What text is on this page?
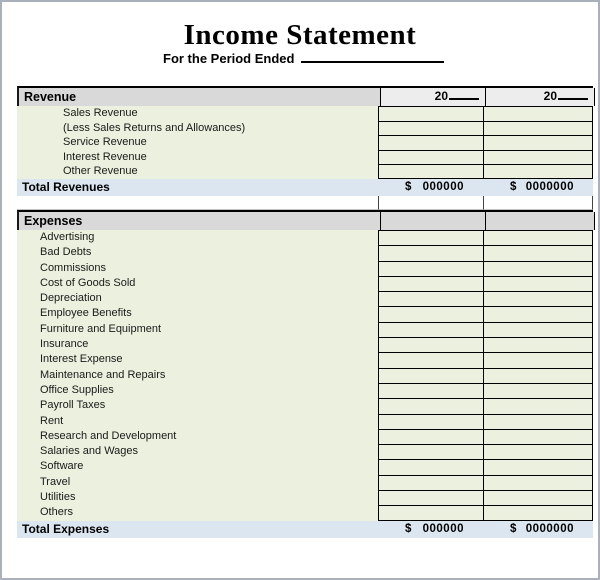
Income Statement
For the Period Ended
Revenue	20	20
Sales Revenue
(Less Sales Returns and Allowances)
Service Revenue
Interest Revenue
Other Revenue
Total Revenues	$ 000000	$ 0000000
Expenses
Advertising
Bad Debts
Commissions
Cost of Goods Sold
Depreciation
Employee Benefits
Furniture and Equipment
Insurance
Interest Expense
Maintenance and Repairs
Office Supplies
Payroll Taxes
Rent
Research and Development
Salaries and Wages
Software
Travel
Utilities
Others
Total Expenses	$ 000000	$ 0000000
